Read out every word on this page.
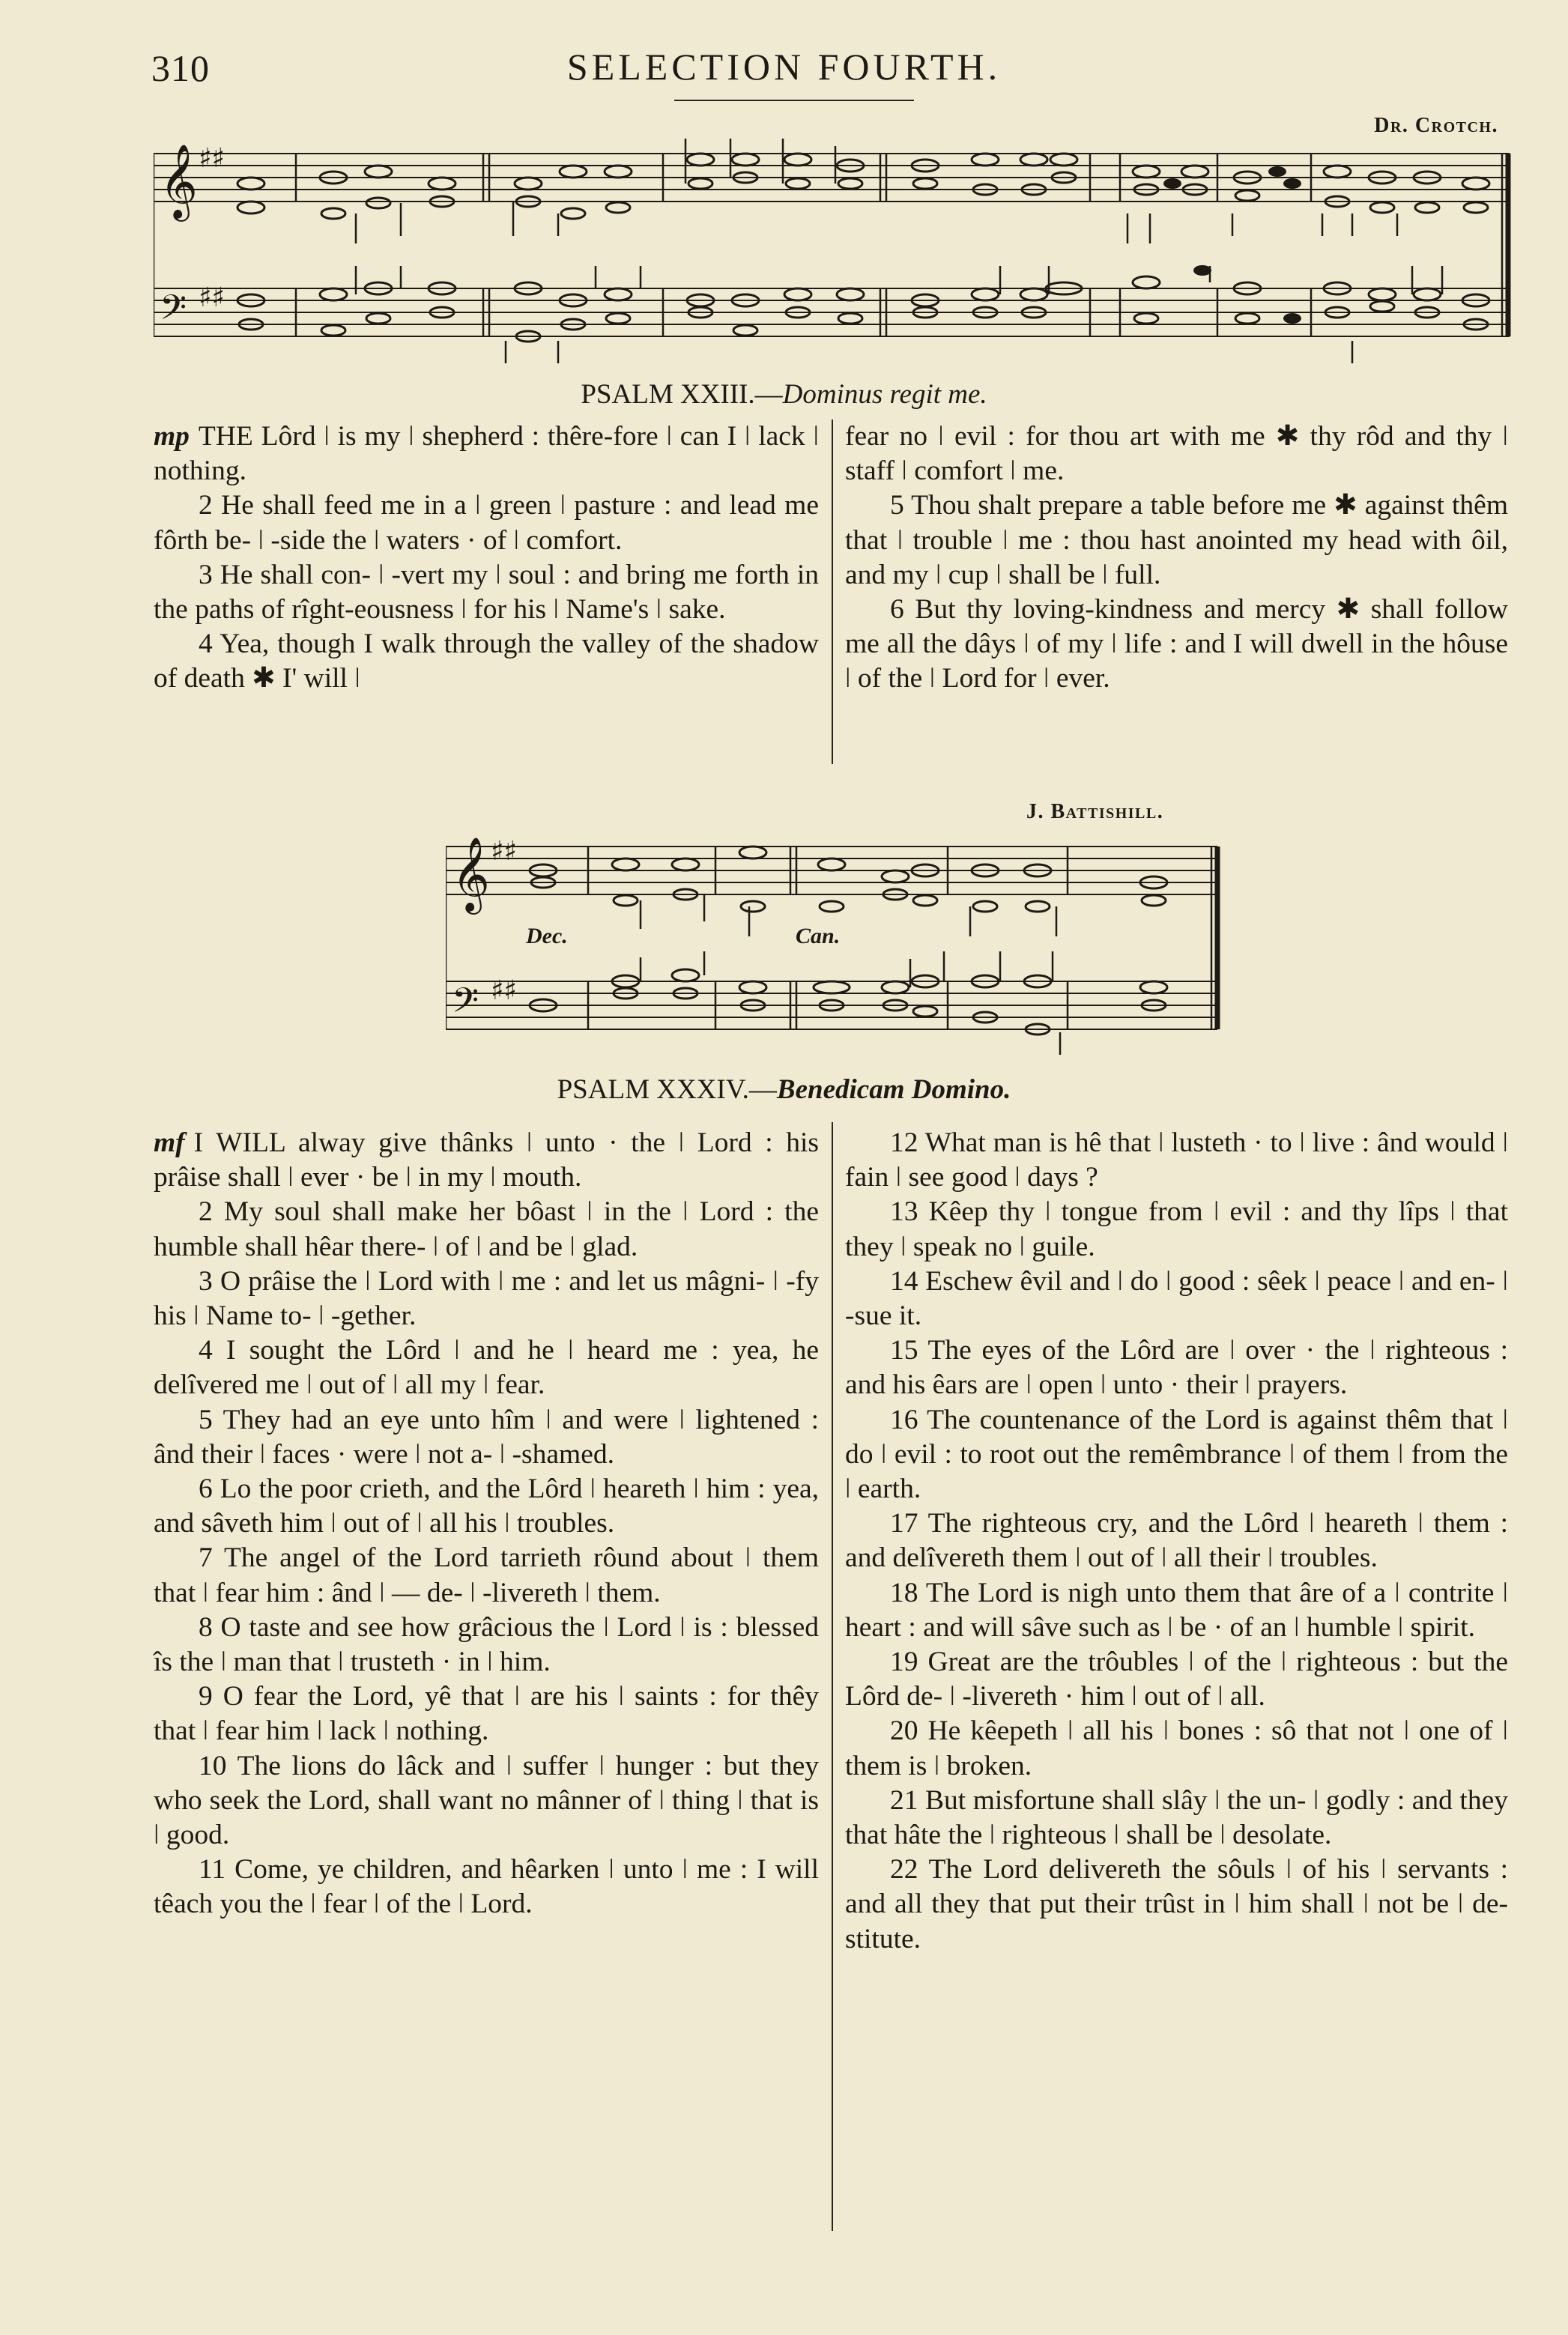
310	SELECTION FOURTH.
Dr. Crotch.
𝄞
𝄢
♯♯
♯♯
PSALM XXIII.—Dominus regit me.

mp THE Lôrd ǀ is my ǀ shepherd : thêre-fore ǀ can I ǀ lack ǀ nothing.

2 He shall feed me in a ǀ green ǀ pasture : and lead me fôrth be- ǀ -side the ǀ waters · of ǀ comfort.

3 He shall con- ǀ -vert my ǀ soul : and bring me forth in the paths of rîght-eousness ǀ for his ǀ Name's ǀ sake.

4 Yea, though I walk through the valley of the shadow of death ✱ I' will ǀ

fear no ǀ evil : for thou art with me ✱ thy rôd and thy ǀ staff ǀ comfort ǀ me.

5 Thou shalt prepare a table before me ✱ against thêm that ǀ trouble ǀ me : thou hast anointed my head with ôil, and my ǀ cup ǀ shall be ǀ full.

6 But thy loving-kindness and mercy ✱ shall follow me all the dâys ǀ of my ǀ life : and I will dwell in the hôuse ǀ of the ǀ Lord for ǀ ever.

J. Battishill.
𝄞
𝄢
♯♯
♯♯
Dec.	Can.
PSALM XXXIV.—Benedicam Domino.

mf I WILL alway give thânks ǀ unto · the ǀ Lord : his prâise shall ǀ ever · be ǀ in my ǀ mouth.

2 My soul shall make her bôast ǀ in the ǀ Lord : the humble shall hêar there- ǀ of ǀ and be ǀ glad.

3 O prâise the ǀ Lord with ǀ me : and let us mâgni- ǀ -fy his ǀ Name to- ǀ -gether.

4 I sought the Lôrd ǀ and he ǀ heard me : yea, he delîvered me ǀ out of ǀ all my ǀ fear.

5 They had an eye unto hîm ǀ and were ǀ lightened : ând their ǀ faces · were ǀ not a- ǀ -shamed.

6 Lo the poor crieth, and the Lôrd ǀ heareth ǀ him : yea, and sâveth him ǀ out of ǀ all his ǀ troubles.

7 The angel of the Lord tarrieth rôund about ǀ them that ǀ fear him : ând ǀ — de- ǀ -livereth ǀ them.

8 O taste and see how grâcious the ǀ Lord ǀ is : blessed îs the ǀ man that ǀ trusteth · in ǀ him.

9 O fear the Lord, yê that ǀ are his ǀ saints : for thêy that ǀ fear him ǀ lack ǀ nothing.

10 The lions do lâck and ǀ suffer ǀ hunger : but they who seek the Lord, shall want no mânner of ǀ thing ǀ that is ǀ good.

11 Come, ye children, and hêarken ǀ unto ǀ me : I will têach you the ǀ fear ǀ of the ǀ Lord.

12 What man is hê that ǀ lusteth · to ǀ live : ând would ǀ fain ǀ see good ǀ days ?

13 Kêep thy ǀ tongue from ǀ evil : and thy lîps ǀ that they ǀ speak no ǀ guile.

14 Eschew êvil and ǀ do ǀ good : sêek ǀ peace ǀ and en- ǀ -sue it.

15 The eyes of the Lôrd are ǀ over · the ǀ righteous : and his êars are ǀ open ǀ unto · their ǀ prayers.

16 The countenance of the Lord is against thêm that ǀ do ǀ evil : to root out the remêmbrance ǀ of them ǀ from the ǀ earth.

17 The righteous cry, and the Lôrd ǀ heareth ǀ them : and delîvereth them ǀ out of ǀ all their ǀ troubles.

18 The Lord is nigh unto them that âre of a ǀ contrite ǀ heart : and will sâve such as ǀ be · of an ǀ humble ǀ spirit.

19 Great are the trôubles ǀ of the ǀ righteous : but the Lôrd de- ǀ -livereth · him ǀ out of ǀ all.

20 He kêepeth ǀ all his ǀ bones : sô that not ǀ one of ǀ them is ǀ broken.

21 But misfortune shall slây ǀ the un- ǀ godly : and they that hâte the ǀ righteous ǀ shall be ǀ desolate.

22 The Lord delivereth the sôuls ǀ of his ǀ servants : and all they that put their trûst in ǀ him shall ǀ not be ǀ de-stitute.
